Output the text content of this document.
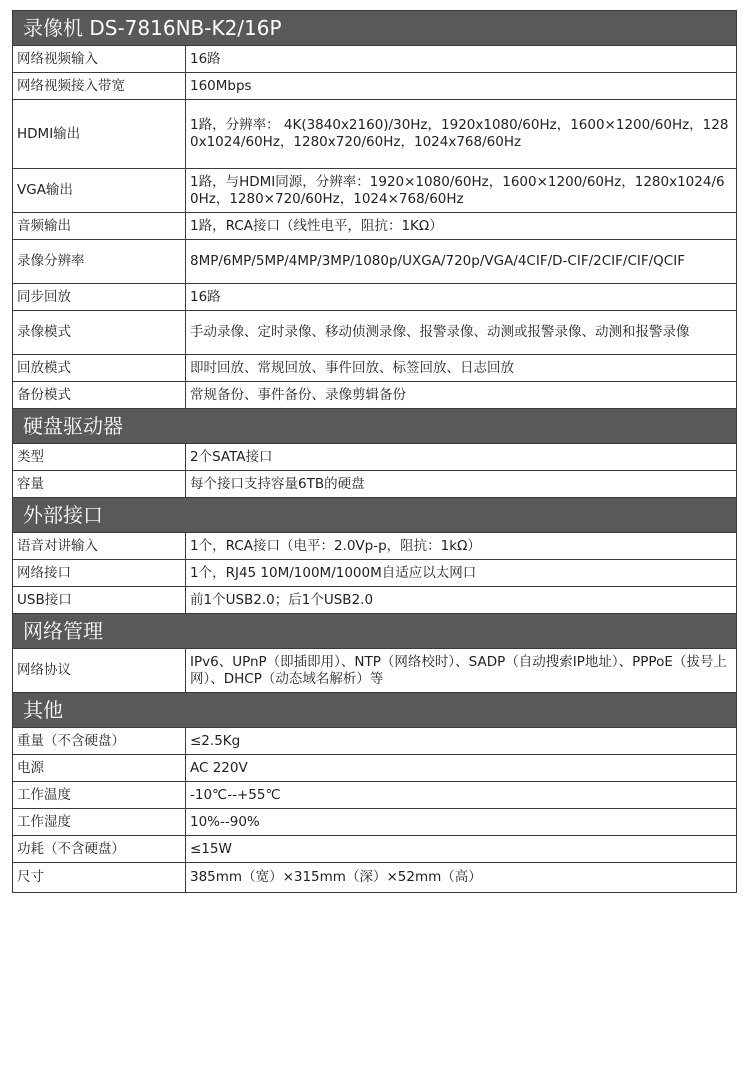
录像机 DS-7816NB-K2/16P	
网络视频输入	16路
网络视频接入带宽	160Mbps
HDMI输出	1路，分辨率： 4K(3840x2160)/30Hz，1920x1080/60Hz，1600×1200/60Hz，1280x1024/60Hz，1280x720/60Hz，1024x768/60Hz
VGA输出	1路，与HDMI同源，分辨率：1920×1080/60Hz，1600×1200/60Hz，1280x1024/60Hz，1280×720/60Hz，1024×768/60Hz
音频输出	1路，RCA接口（线性电平，阻抗：1KΩ）
录像分辨率	8MP/6MP/5MP/4MP/3MP/1080p/UXGA/720p/VGA/4CIF/D-CIF/2CIF/CIF/QCIF
同步回放	16路
录像模式	手动录像、定时录像、移动侦测录像、报警录像、动测或报警录像、动测和报警录像
回放模式	即时回放、常规回放、事件回放、标签回放、日志回放
备份模式	常规备份、事件备份、录像剪辑备份
硬盘驱动器	
类型	2个SATA接口
容量	每个接口支持容量6TB的硬盘
外部接口	
语音对讲输入	1个，RCA接口（电平：2.0Vp-p，阻抗：1kΩ）
网络接口	1个，RJ45 10M/100M/1000M自适应以太网口
USB接口	前1个USB2.0；后1个USB2.0
网络管理	
网络协议	IPv6、UPnP（即插即用）、NTP（网络校时）、SADP（自动搜索IP地址）、PPPoE（拔号上网）、DHCP（动态域名解析）等
其他	
重量（不含硬盘）	≤2.5Kg
电源	AC 220V
工作温度	-10℃--+55℃
工作湿度	10%--90%
功耗（不含硬盘）	≤15W
尺寸	385mm（宽）×315mm（深）×52mm（高）
